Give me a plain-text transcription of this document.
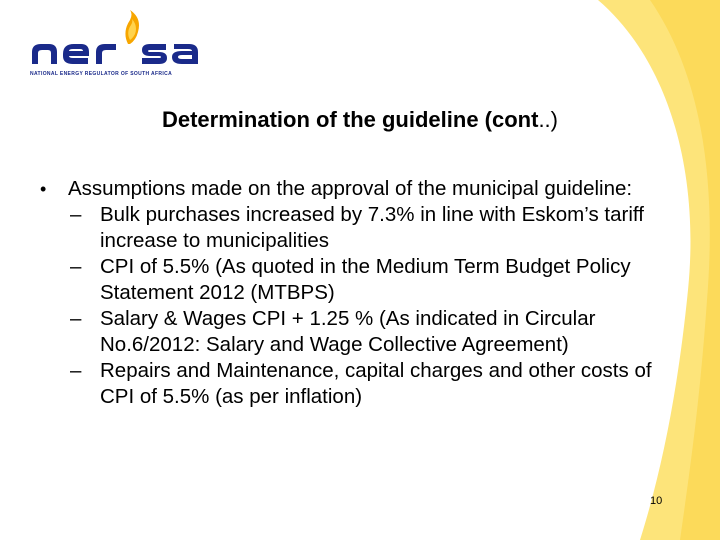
NATIONAL ENERGY REGULATOR OF SOUTH AFRICA
Determination of the guideline (cont..)
•	Assumptions made on the approval of the municipal guideline:
– Bulk purchases increased by 7.3% in line with Eskom’s tariff increase to municipalities
– CPI of 5.5% (As quoted in the Medium Term Budget Policy Statement 2012 (MTBPS)
– Salary & Wages CPI + 1.25 % (As indicated in Circular No.6/2012: Salary and Wage Collective Agreement)
– Repairs and Maintenance, capital charges and other costs of CPI of 5.5% (as per inflation)
10
